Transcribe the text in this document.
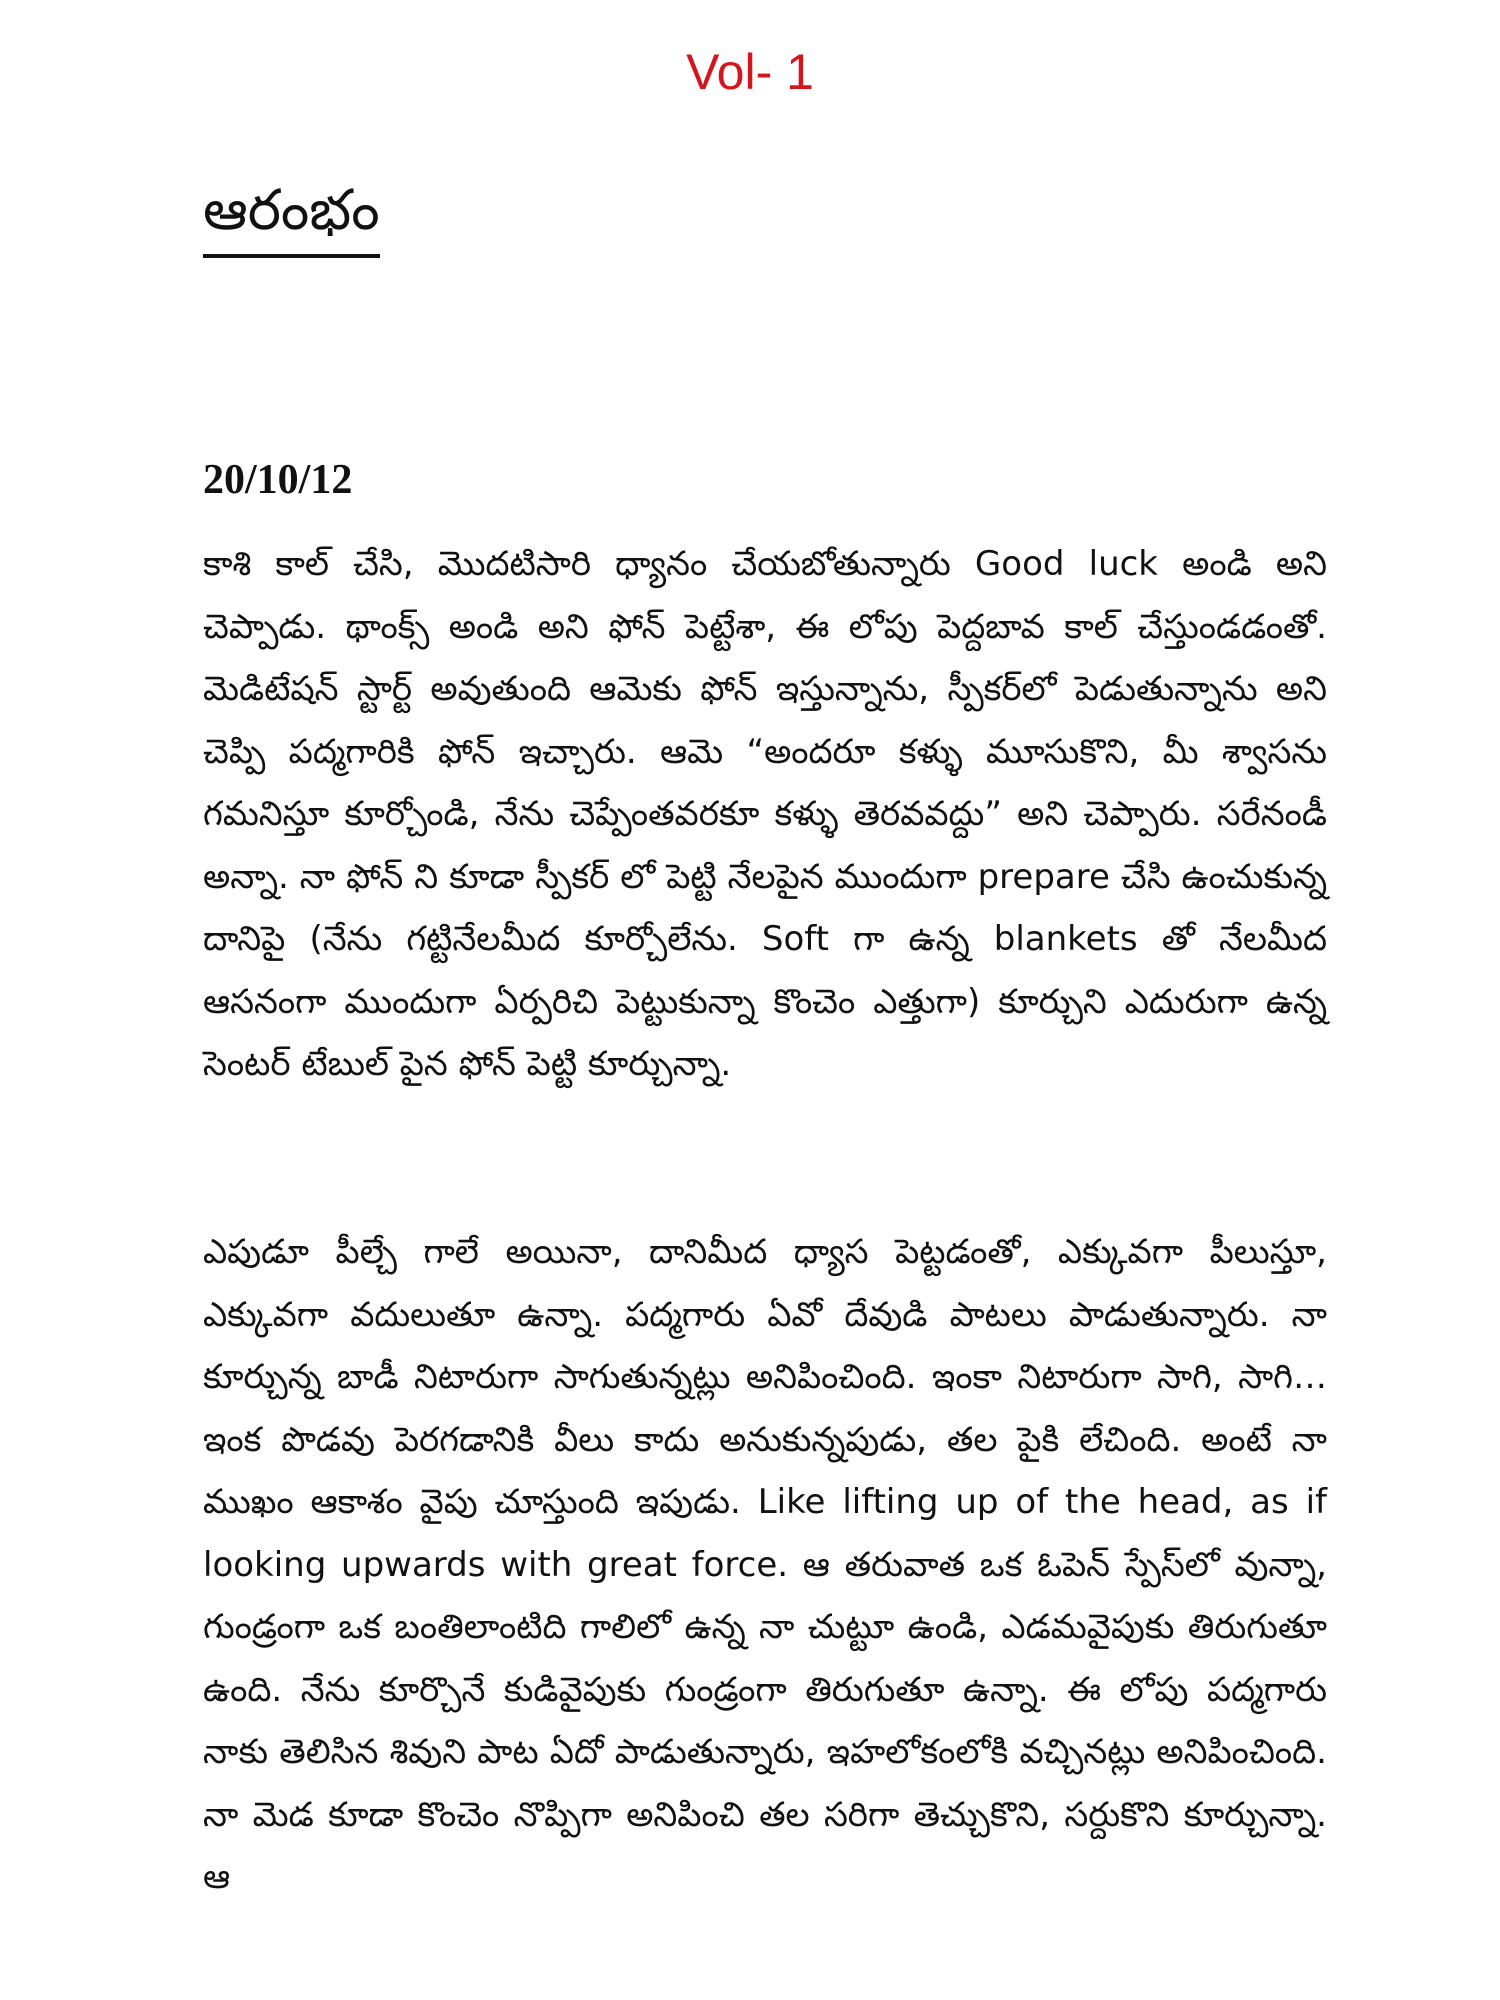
Vol- 1
ఆరంభం
20/10/12
కాశి కాల్ చేసి, మొదటిసారి ధ్యానం చేయబోతున్నారు Good luck అండి అని చెప్పాడు. థాంక్స్ అండి అని ఫోన్ పెట్టేశా, ఈ లోపు పెద్దబావ కాల్ చేస్తుండడంతో. మెడిటేషన్ స్టార్ట్ అవుతుంది ఆమెకు ఫోన్ ఇస్తున్నాను, స్పీకర్‌లో పెడుతున్నాను అని చెప్పి పద్మగారికి ఫోన్ ఇచ్చారు. ఆమె “అందరూ కళ్ళు మూసుకొని, మీ శ్వాసను గమనిస్తూ కూర్చోండి, నేను చెప్పేంతవరకూ కళ్ళు తెరవవద్దు” అని చెప్పారు. సరేనండీ అన్నా. నా ఫోన్ ని కూడా స్పీకర్ లో పెట్టి నేలపైన ముందుగా prepare చేసి ఉంచుకున్న దానిపై (నేను గట్టినేలమీద కూర్చోలేను. Soft గా ఉన్న blankets తో నేలమీద ఆసనంగా ముందుగా ఏర్పరిచి పెట్టుకున్నా కొంచెం ఎత్తుగా) కూర్చుని ఎదురుగా ఉన్న సెంటర్ టేబుల్ పైన ఫోన్ పెట్టి కూర్చున్నా.
ఎపుడూ పీల్చే గాలే అయినా, దానిమీద ధ్యాస పెట్టడంతో, ఎక్కువగా పీలుస్తూ, ఎక్కువగా వదులుతూ ఉన్నా. పద్మగారు ఏవో దేవుడి పాటలు పాడుతున్నారు. నా కూర్చున్న బాడీ నిటారుగా సాగుతున్నట్లు అనిపించింది. ఇంకా నిటారుగా సాగి, సాగి… ఇంక పొడవు పెరగడానికి వీలు కాదు అనుకున్నపుడు, తల పైకి లేచింది. అంటే నా ముఖం ఆకాశం వైపు చూస్తుంది ఇపుడు. Like lifting up of the head, as if looking upwards with great force. ఆ తరువాత ఒక ఓపెన్ స్పేస్‌లో వున్నా, గుండ్రంగా ఒక బంతిలాంటిది గాలిలో ఉన్న నా చుట్టూ ఉండి, ఎడమవైపుకు తిరుగుతూ ఉంది. నేను కూర్చొనే కుడివైపుకు గుండ్రంగా తిరుగుతూ ఉన్నా. ఈ లోపు పద్మగారు నాకు తెలిసిన శివుని పాట ఏదో పాడుతున్నారు, ఇహలోకంలోకి వచ్చినట్లు అనిపించింది. నా మెడ కూడా కొంచెం నొప్పిగా అనిపించి తల సరిగా తెచ్చుకొని, సర్దుకొని కూర్చున్నా. ఆ
